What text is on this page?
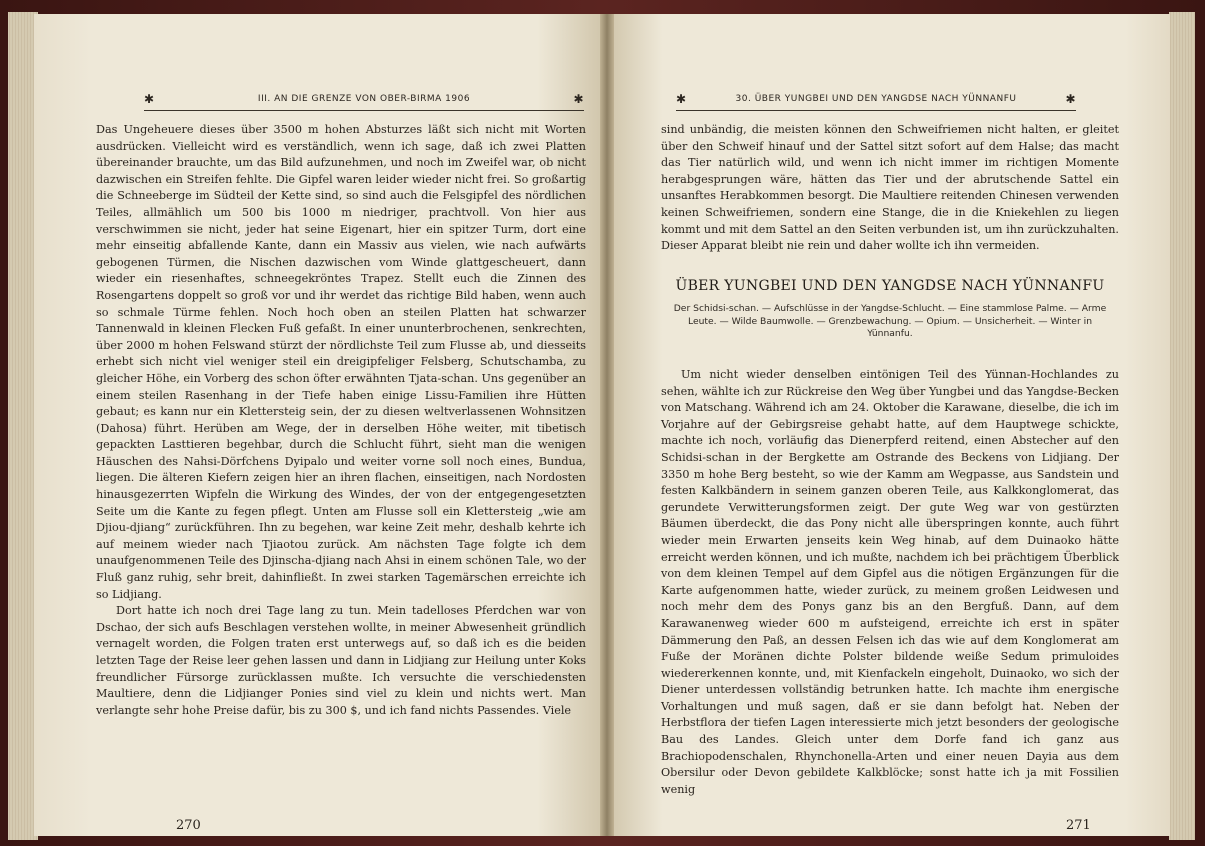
✱	III. AN DIE GRENZE VON OBER-BIRMA 1906	✱

Das Ungeheuere dieses über 3500 m hohen Absturzes läßt sich nicht mit Worten ausdrücken. Vielleicht wird es verständlich, wenn ich sage, daß ich zwei Platten übereinander brauchte, um das Bild aufzunehmen, und noch im Zweifel war, ob nicht dazwischen ein Streifen fehlte. Die Gipfel waren leider wieder nicht frei. So großartig die Schneeberge im Südteil der Kette sind, so sind auch die Felsgipfel des nördlichen Teiles, allmählich um 500 bis 1000 m niedriger, prachtvoll. Von hier aus verschwimmen sie nicht, jeder hat seine Eigenart, hier ein spitzer Turm, dort eine mehr einseitig abfallende Kante, dann ein Massiv aus vielen, wie nach aufwärts gebogenen Türmen, die Nischen dazwischen vom Winde glattgescheuert, dann wieder ein riesenhaftes, schneegekröntes Trapez. Stellt euch die Zinnen des Rosengartens doppelt so groß vor und ihr werdet das richtige Bild haben, wenn auch so schmale Türme fehlen. Noch hoch oben an steilen Platten hat schwarzer Tannenwald in kleinen Flecken Fuß gefaßt. In einer ununterbrochenen, senkrechten, über 2000 m hohen Felswand stürzt der nördlichste Teil zum Flusse ab, und diesseits erhebt sich nicht viel weniger steil ein dreigipfeliger Felsberg, Schutschamba, zu gleicher Höhe, ein Vorberg des schon öfter erwähnten Tjata-schan. Uns gegenüber an einem steilen Rasenhang in der Tiefe haben einige Lissu-Familien ihre Hütten gebaut; es kann nur ein Klettersteig sein, der zu diesen weltverlassenen Wohnsitzen (Dahosa) führt. Herüben am Wege, der in derselben Höhe weiter, mit tibetisch gepackten Lasttieren begehbar, durch die Schlucht führt, sieht man die wenigen Häuschen des Nahsi-Dörfchens Dyipalo und weiter vorne soll noch eines, Bundua, liegen. Die älteren Kiefern zeigen hier an ihren flachen, einseitigen, nach Nordosten hinausgezerrten Wipfeln die Wirkung des Windes, der von der entgegengesetzten Seite um die Kante zu fegen pflegt. Unten am Flusse soll ein Klettersteig „wie am Djiou-djiang“ zurückführen. Ihn zu begehen, war keine Zeit mehr, deshalb kehrte ich auf meinem wieder nach Tjiaotou zurück. Am nächsten Tage folgte ich dem unaufgenommenen Teile des Djinscha-djiang nach Ahsi in einem schönen Tale, wo der Fluß ganz ruhig, sehr breit, dahinfließt. In zwei starken Tagemärschen erreichte ich so Lidjiang.

Dort hatte ich noch drei Tage lang zu tun. Mein tadelloses Pferdchen war von Dschao, der sich aufs Beschlagen verstehen wollte, in meiner Abwesenheit gründlich vernagelt worden, die Folgen traten erst unterwegs auf, so daß ich es die beiden letzten Tage der Reise leer gehen lassen und dann in Lidjiang zur Heilung unter Koks freundlicher Fürsorge zurücklassen mußte. Ich versuchte die verschiedensten Maultiere, denn die Lidjianger Ponies sind viel zu klein und nichts wert. Man verlangte sehr hohe Preise dafür, bis zu 300 $, und ich fand nichts Passendes. Viele

270
✱	30. ÜBER YUNGBEI UND DEN YANGDSE NACH YÜNNANFU	✱

sind unbändig, die meisten können den Schweifriemen nicht halten, er gleitet über den Schweif hinauf und der Sattel sitzt sofort auf dem Halse; das macht das Tier natürlich wild, und wenn ich nicht immer im richtigen Momente herabgesprungen wäre, hätten das Tier und der abrutschende Sattel ein unsanftes Herabkommen besorgt. Die Maultiere reitenden Chinesen verwenden keinen Schweifriemen, sondern eine Stange, die in die Kniekehlen zu liegen kommt und mit dem Sattel an den Seiten verbunden ist, um ihn zurückzuhalten. Dieser Apparat bleibt nie rein und daher wollte ich ihn vermeiden.

ÜBER YUNGBEI UND DEN YANGDSE NACH YÜNNANFU
Der Schidsi-schan. — Aufschlüsse in der Yangdse-Schlucht. — Eine stammlose Palme. — Arme Leute. — Wilde Baumwolle. — Grenzbewachung. — Opium. — Unsicherheit. — Winter in Yünnanfu.

Um nicht wieder denselben eintönigen Teil des Yünnan-Hochlandes zu sehen, wählte ich zur Rückreise den Weg über Yungbei und das Yangdse-Becken von Matschang. Während ich am 24. Oktober die Karawane, dieselbe, die ich im Vorjahre auf der Gebirgsreise gehabt hatte, auf dem Hauptwege schickte, machte ich noch, vorläufig das Dienerpferd reitend, einen Abstecher auf den Schidsi-schan in der Bergkette am Ostrande des Beckens von Lidjiang. Der 3350 m hohe Berg besteht, so wie der Kamm am Wegpasse, aus Sandstein und festen Kalkbändern in seinem ganzen oberen Teile, aus Kalkkonglomerat, das gerundete Verwitterungsformen zeigt. Der gute Weg war von gestürzten Bäumen überdeckt, die das Pony nicht alle überspringen konnte, auch führt wieder mein Erwarten jenseits kein Weg hinab, auf dem Duinaoko hätte erreicht werden können, und ich mußte, nachdem ich bei prächtigem Überblick von dem kleinen Tempel auf dem Gipfel aus die nötigen Ergänzungen für die Karte aufgenommen hatte, wieder zurück, zu meinem großen Leidwesen und noch mehr dem des Ponys ganz bis an den Bergfuß. Dann, auf dem Karawanenweg wieder 600 m aufsteigend, erreichte ich erst in später Dämmerung den Paß, an dessen Felsen ich das wie auf dem Konglomerat am Fuße der Moränen dichte Polster bildende weiße Sedum primuloides wiedererkennen konnte, und, mit Kienfackeln eingeholt, Duinaoko, wo sich der Diener unterdessen vollständig betrunken hatte. Ich machte ihm energische Vorhaltungen und muß sagen, daß er sie dann befolgt hat. Neben der Herbstflora der tiefen Lagen interessierte mich jetzt besonders der geologische Bau des Landes. Gleich unter dem Dorfe fand ich ganz aus Brachiopodenschalen, Rhynchonella-Arten und einer neuen Dayia aus dem Obersilur oder Devon gebildete Kalkblöcke; sonst hatte ich ja mit Fossilien wenig

271
